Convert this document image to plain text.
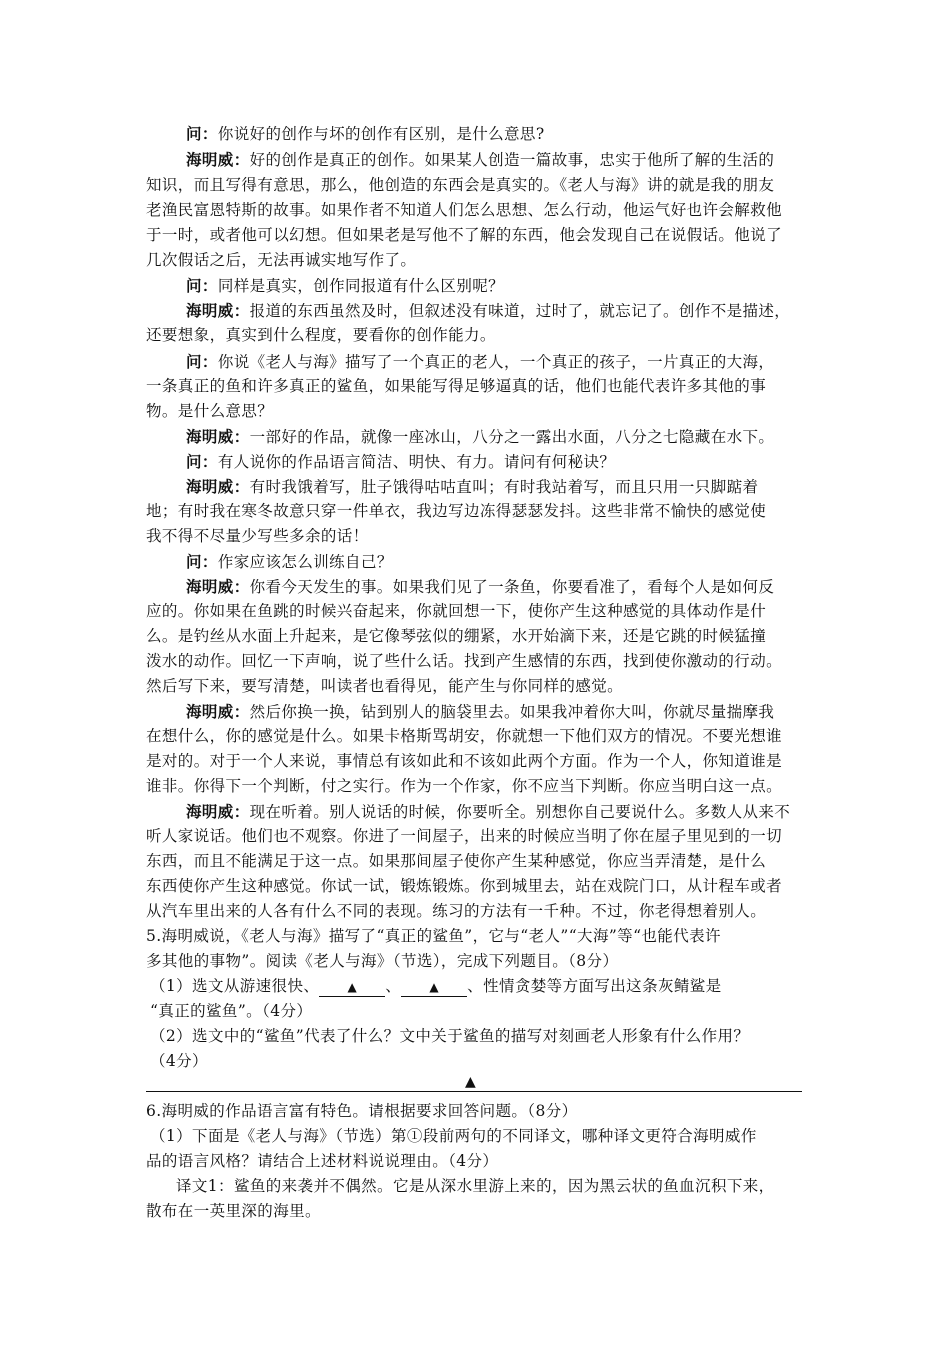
问：你说好的创作与坏的创作有区别，是什么意思?
海明威：好的创作是真正的创作。如果某人创造一篇故事，忠实于他所了解的生活的
知识，而且写得有意思，那么，他创造的东西会是真实的。《老人与海》讲的就是我的朋友
老渔民富恩特斯的故事。如果作者不知道人们怎么思想、怎么行动，他运气好也许会解救他
于一时，或者他可以幻想。但如果老是写他不了解的东西，他会发现自己在说假话。他说了
几次假话之后，无法再诚实地写作了。
问：同样是真实，创作同报道有什么区别呢？
海明威：报道的东西虽然及时，但叙述没有味道，过时了，就忘记了。创作不是描述，
还要想象，真实到什么程度，要看你的创作能力。
问：你说《老人与海》描写了一个真正的老人，一个真正的孩子，一片真正的大海，
一条真正的鱼和许多真正的鲨鱼，如果能写得足够逼真的话，他们也能代表许多其他的事
物。是什么意思？
海明威：一部好的作品，就像一座冰山，八分之一露出水面，八分之七隐藏在水下。
问：有人说你的作品语言简洁、明快、有力。请问有何秘诀？
海明威：有时我饿着写，肚子饿得咕咕直叫；有时我站着写，而且只用一只脚踮着
地；有时我在寒冬故意只穿一件单衣，我边写边冻得瑟瑟发抖。这些非常不愉快的感觉使
我不得不尽量少写些多余的话！
问：作家应该怎么训练自己？
海明威：你看今天发生的事。如果我们见了一条鱼，你要看准了，看每个人是如何反
应的。你如果在鱼跳的时候兴奋起来，你就回想一下，使你产生这种感觉的具体动作是什
么。是钓丝从水面上升起来，是它像琴弦似的绷紧，水开始滴下来，还是它跳的时候猛撞
泼水的动作。回忆一下声响，说了些什么话。找到产生感情的东西，找到使你激动的行动。
然后写下来，要写清楚，叫读者也看得见，能产生与你同样的感觉。
海明威：然后你换一换，钻到别人的脑袋里去。如果我冲着你大叫，你就尽量揣摩我
在想什么，你的感觉是什么。如果卡格斯骂胡安，你就想一下他们双方的情况。不要光想谁
是对的。对于一个人来说，事情总有该如此和不该如此两个方面。作为一个人，你知道谁是
谁非。你得下一个判断，付之实行。作为一个作家，你不应当下判断。你应当明白这一点。
海明威：现在听着。别人说话的时候，你要听全。别想你自己要说什么。多数人从来不
听人家说话。他们也不观察。你进了一间屋子，出来的时候应当明了你在屋子里见到的一切
东西，而且不能满足于这一点。如果那间屋子使你产生某种感觉，你应当弄清楚，是什么
东西使你产生这种感觉。你试一试，锻炼锻炼。你到城里去，站在戏院门口，从计程车或者
从汽车里出来的人各有什么不同的表现。练习的方法有一千种。不过，你老得想着别人。
5.海明威说，《老人与海》描写了“真正的鲨鱼”，它与“老人”“大海”等“也能代表许
多其他的事物”。阅读《老人与海》（节选），完成下列题目。（8分）
（1）选文从游速很快、 ▲ 、 ▲ 、性情贪婪等方面写出这条灰鲭鲨是
“真正的鲨鱼”。（4分）
（2）选文中的“鲨鱼”代表了什么？文中关于鲨鱼的描写对刻画老人形象有什么作用？
（4分）
▲
6.海明威的作品语言富有特色。请根据要求回答问题。（8分）
（1）下面是《老人与海》（节选）第①段前两句的不同译文，哪种译文更符合海明威作
品的语言风格？请结合上述材料说说理由。（4分）
译文1：鲨鱼的来袭并不偶然。它是从深水里游上来的，因为黑云状的鱼血沉积下来，
散布在一英里深的海里。
